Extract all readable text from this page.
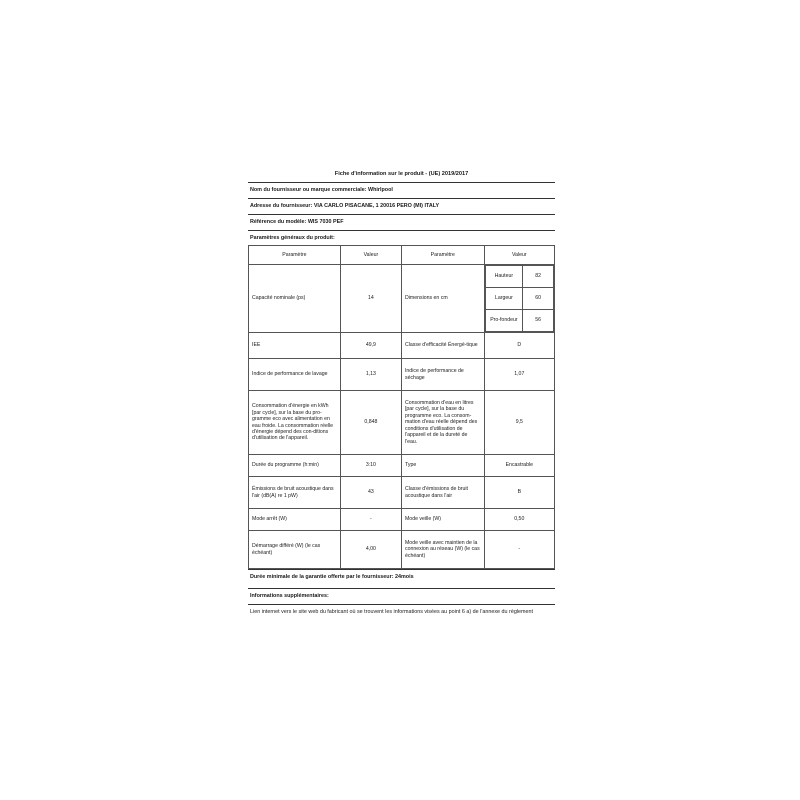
Fiche d'information sur le produit - (UE) 2019/2017
Nom du fournisseur ou marque commerciale: Whirlpool
Adresse du fournisseur: VIA CARLO PISACANE, 1 20016 PERO (MI) ITALY
Référence du modèle: WIS 7030 PEF
Paramètres généraux du produit:
Paramètre	Valeur	Paramètre	Valeur
Capacité nominale (ps)	14	Dimensions en cm	
Hauteur	82
Largeur	60
Pro-fondeur	56

IEE	49,9	Classe d'efficacité Énergé-tique	D
Indice de performance de lavage	1,13	Indice de performance de séchage	1,07
Consommation d'énergie en kWh [par cycle], sur la base du pro-gramme eco avec alimentation en eau froide. La consommation réelle d'énergie dépend des con-ditions d'utilisation de l'appareil.	0,848	Consommation d'eau en litres [par cycle], sur la base du programme eco. La consom-mation d'eau réelle dépend des conditions d'utilisation de l'appareil et de la dureté de l'eau.	9,5
Durée du programme (h:min)	3:10	Type	Encastrable
Émissions de bruit acoustique dans l'air (dB(A) re 1 pW)	43	Classe d'émissions de bruit acoustique dans l'air	B
Mode arrêt (W)	-	Mode veille (W)	0,50
Démarrage différé (W) (le cas échéant)	4,00	Mode veille avec maintien de la connexion au réseau (W) (le cas échéant)	-
Durée minimale de la garantie offerte par le fournisseur: 24mois
Informations supplémentaires:
Lien internet vers le site web du fabricant où se trouvent les informations visées au point 6 a) de l'annexe du règlement
